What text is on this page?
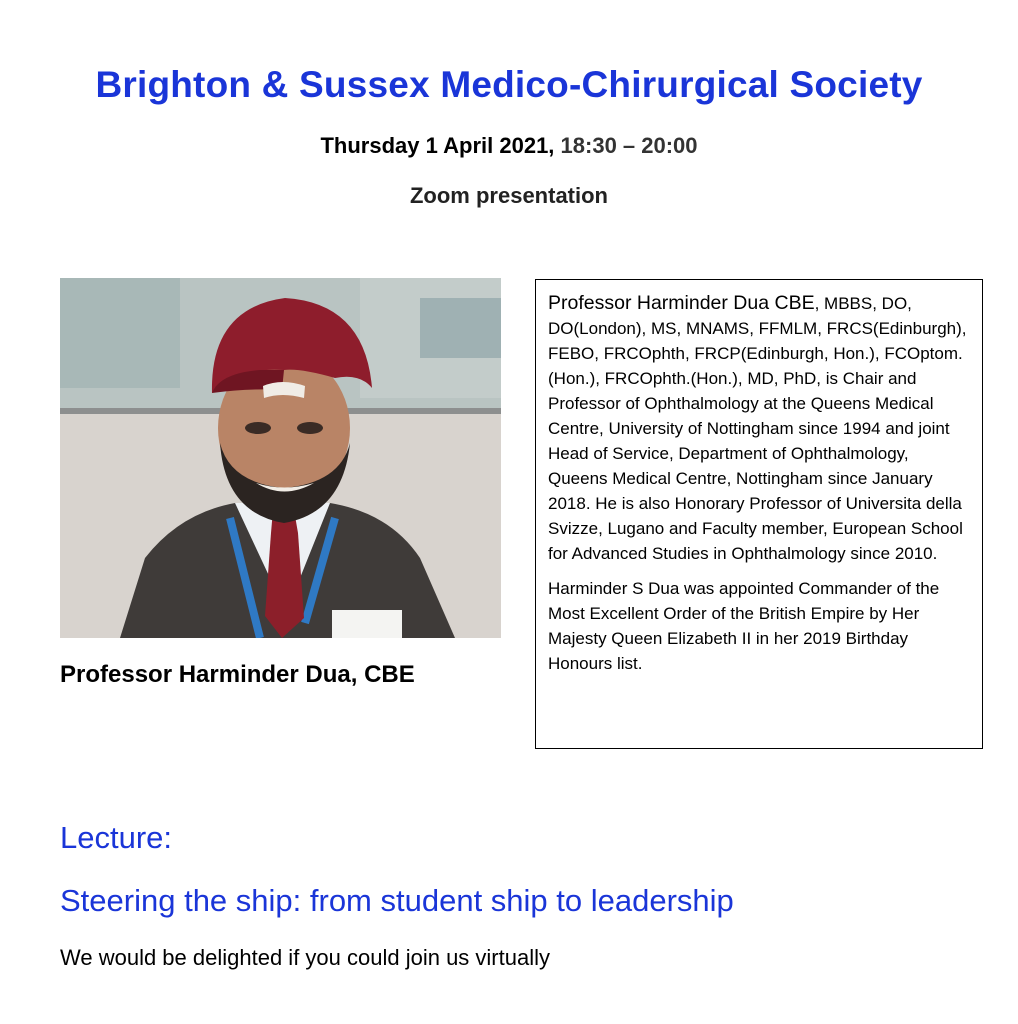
Brighton & Sussex Medico-Chirurgical Society
Thursday 1 April 2021, 18:30 – 20:00
Zoom presentation
Professor Harminder Dua, CBE

Professor Harminder Dua CBE, MBBS, DO, DO(London), MS, MNAMS, FFMLM, FRCS(Edinburgh), FEBO, FRCOphth, FRCP(Edinburgh, Hon.), FCOptom.(Hon.), FRCOphth.(Hon.), MD, PhD, is Chair and Professor of Ophthalmology at the Queens Medical Centre, University of Nottingham since 1994 and joint Head of Service, Department of Ophthalmology, Queens Medical Centre, Nottingham since January 2018. He is also Honorary Professor of Universita della Svizze, Lugano and Faculty member, European School for Advanced Studies in Ophthalmology since 2010.

Harminder S Dua was appointed Commander of the Most Excellent Order of the British Empire by Her Majesty Queen Elizabeth II in her 2019 Birthday Honours list.

Lecture:
Steering the ship: from student ship to leadership
We would be delighted if you could join us virtually
